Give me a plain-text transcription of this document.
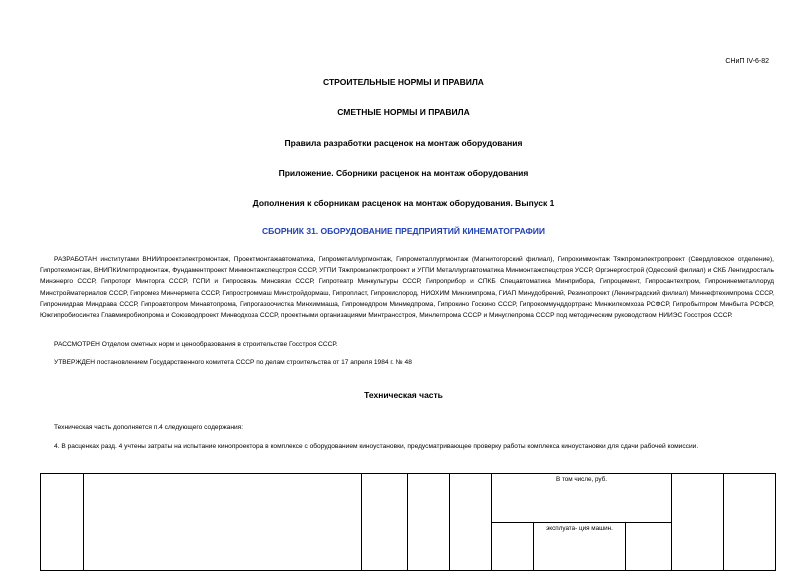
СНиП IV-6-82
СТРОИТЕЛЬНЫЕ НОРМЫ И ПРАВИЛА
СМЕТНЫЕ НОРМЫ И ПРАВИЛА
Правила разработки расценок на монтаж оборудования
Приложение. Сборники расценок на монтаж оборудования
Дополнения к сборникам расценок на монтаж оборудования. Выпуск 1
СБОРНИК 31. ОБОРУДОВАНИЕ ПРЕДПРИЯТИЙ КИНЕМАТОГРАФИИ

РАЗРАБОТАН институтами ВНИИпроектэлектромонтаж, Проектмонтажавтоматика, Гипрометаллургмонтаж, Гипрометаллургмонтаж (Магнитогорский филиал), Гипрохиммонтаж Тяжпромэлектропроект (Свердловское отделение), Гипротехмонтаж, ВНИПКИлегпродмонтаж, Фундаментпроект Минмонтажспецстроя СССР, УГПИ Тяжпромэлектропроект и УГПИ Металлургавтоматика Минмонтажспецстроя УССР, Оргэнергострой (Одесский филиал) и СКБ Ленгидросталь Минэнерго СССР, Гипроторг Минторга СССР, ГСПИ и Гипросвязь Минсвязи СССР, Гипротеатр Минкультуры СССР, Гипроприбор и СПКБ Спецавтоматика Минприбора, Гипроцемент, Гипросантехпром, Гипронинеметаллоруд Минстройматериалов СССР, Гипромез Минчермета СССР, Гипростроммаш Минстройдормаш, Гипропласт, Гипрокислород, НИОХИМ Минхимпрома, ГИАП Минудобрений, Резинопроект (Ленинградский филиал) Миннефтехимпрома СССР, Гипрониидрав Миндрава СССР, Гипроавтопром Минавтопрома, Гипрогазоочистка Минхиммаша, Гипромедпром Минмедпрома, Гипрокино Госкино СССР, Гипрокоммунддортранс Минжилкомхоза РСФСР, Гипробытпром Минбыта РСФСР, Южгипробиосинтез Главмикробиопрома и Союзводпроект Минводхоза СССР, проектными организациями Минтрансстроя, Минлегпрома СССР и Минуглепрома СССР под методическим руководством НИИЭС Госстроя СССР.

РАССМОТРЕН Отделом сметных норм и ценообразования в строительстве Госстроя СССР.

УТВЕРЖДЕН постановлением Государственного комитета СССР по делам строительства от 17 апреля 1984 г. № 48

Техническая часть

Техническая часть дополняется п.4 следующего содержания:

4. В расценках разд. 4 учтены затраты на испытание кинопроектора в комплексе с оборудованием киноустановки, предусматривающее проверку работы комплекса киноустановки для сдачи рабочей комиссии.

					В том числе, руб.				
						эксплуата- ция машин.			
